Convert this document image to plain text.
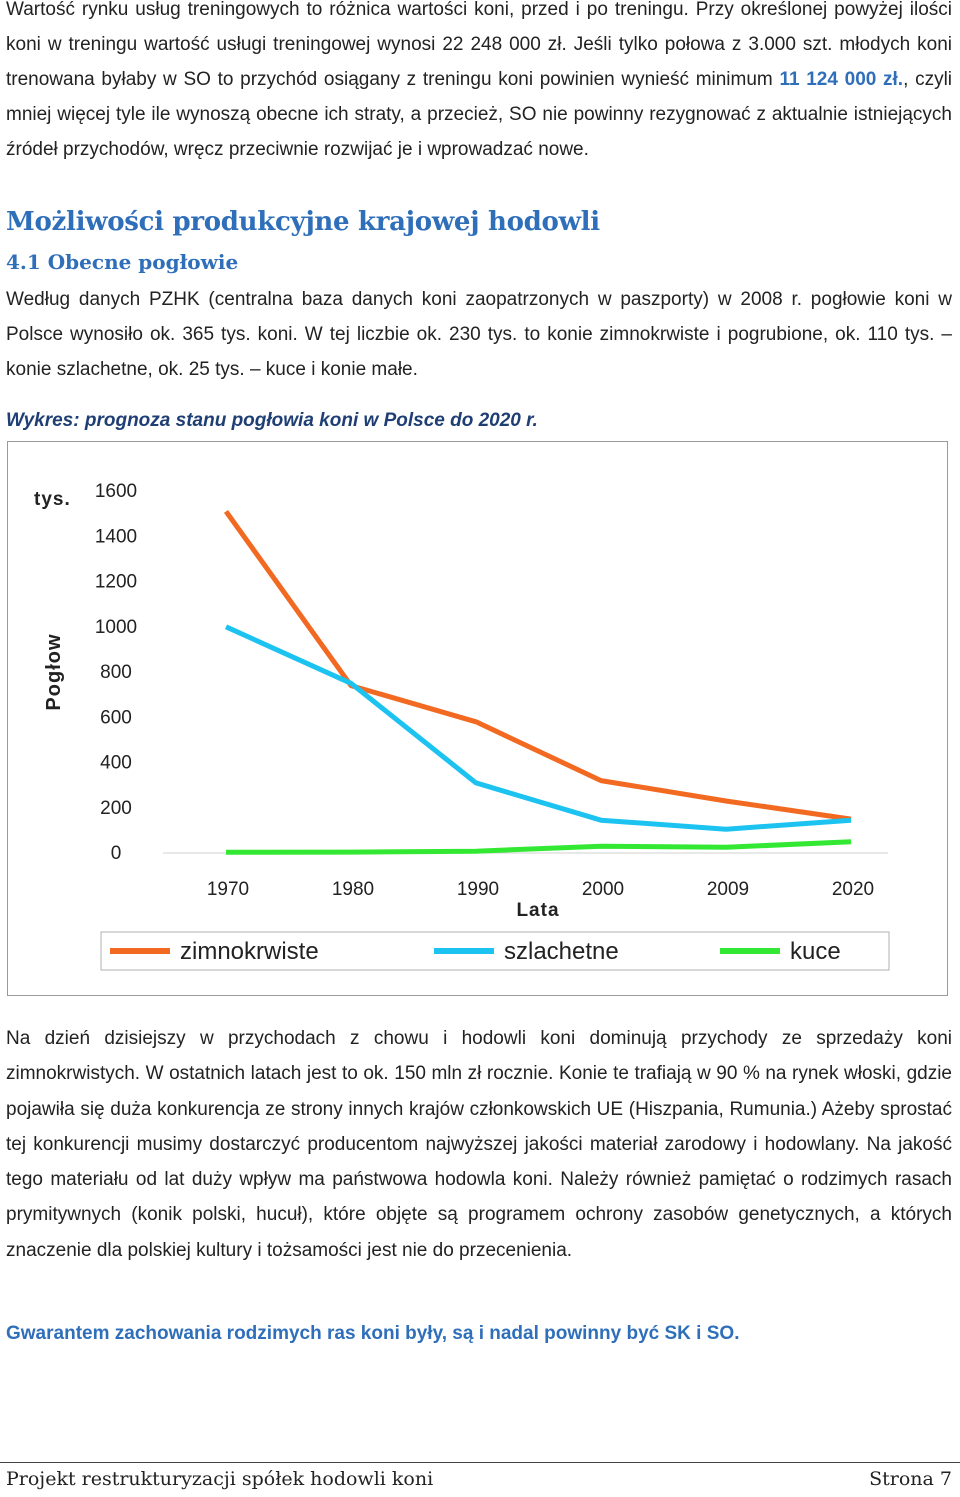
Wartość rynku usług treningowych to różnica wartości koni, przed i po treningu. Przy określonej powyżej ilości koni w treningu wartość usługi treningowej wynosi 22 248 000 zł. Jeśli tylko połowa z 3.000 szt. młodych koni trenowana byłaby w SO to przychód osiągany z treningu koni powinien wynieść minimum 11 124 000 zł., czyli mniej więcej tyle ile wynoszą obecne ich straty, a przecież, SO nie powinny rezygnować z aktualnie istniejących źródeł przychodów, wręcz przeciwnie rozwijać je i wprowadzać nowe.

Możliwości produkcyjne krajowej hodowli
4.1 Obecne pogłowie

Według danych PZHK (centralna baza danych koni zaopatrzonych w paszporty) w 2008 r. pogłowie koni w Polsce wynosiło ok. 365 tys. koni. W tej liczbie ok. 230 tys. to konie zimnokrwiste i pogrubione, ok. 110 tys. – konie szlachetne, ok. 25 tys. – kuce i konie małe.

Wykres: prognoza stanu pogłowia koni w Polsce do 2020 r.
1600
1400
1200
1000
800
600
400
200
0
tys.
Pogłow
1970	1980	1990	2000	2009	2020
Lata
zimnokrwiste	szlachetne	kuce

Na dzień dzisiejszy w przychodach z chowu i hodowli koni dominują przychody ze sprzedaży koni zimnokrwistych. W ostatnich latach jest to ok. 150 mln zł rocznie. Konie te trafiają w 90 % na rynek włoski, gdzie pojawiła się duża konkurencja ze strony innych krajów członkowskich UE (Hiszpania, Rumunia.) Ażeby sprostać tej konkurencji musimy dostarczyć producentom najwyższej jakości materiał zarodowy i hodowlany. Na jakość tego materiału od lat duży wpływ ma państwowa hodowla koni. Należy również pamiętać o rodzimych rasach prymitywnych (konik polski, hucuł), które objęte są programem ochrony zasobów genetycznych, a których znaczenie dla polskiej kultury i tożsamości jest nie do przecenienia.

Gwarantem zachowania rodzimych ras koni były, są i nadal powinny być SK i SO.
Projekt restrukturyzacji spółek hodowli koni	Strona 7
